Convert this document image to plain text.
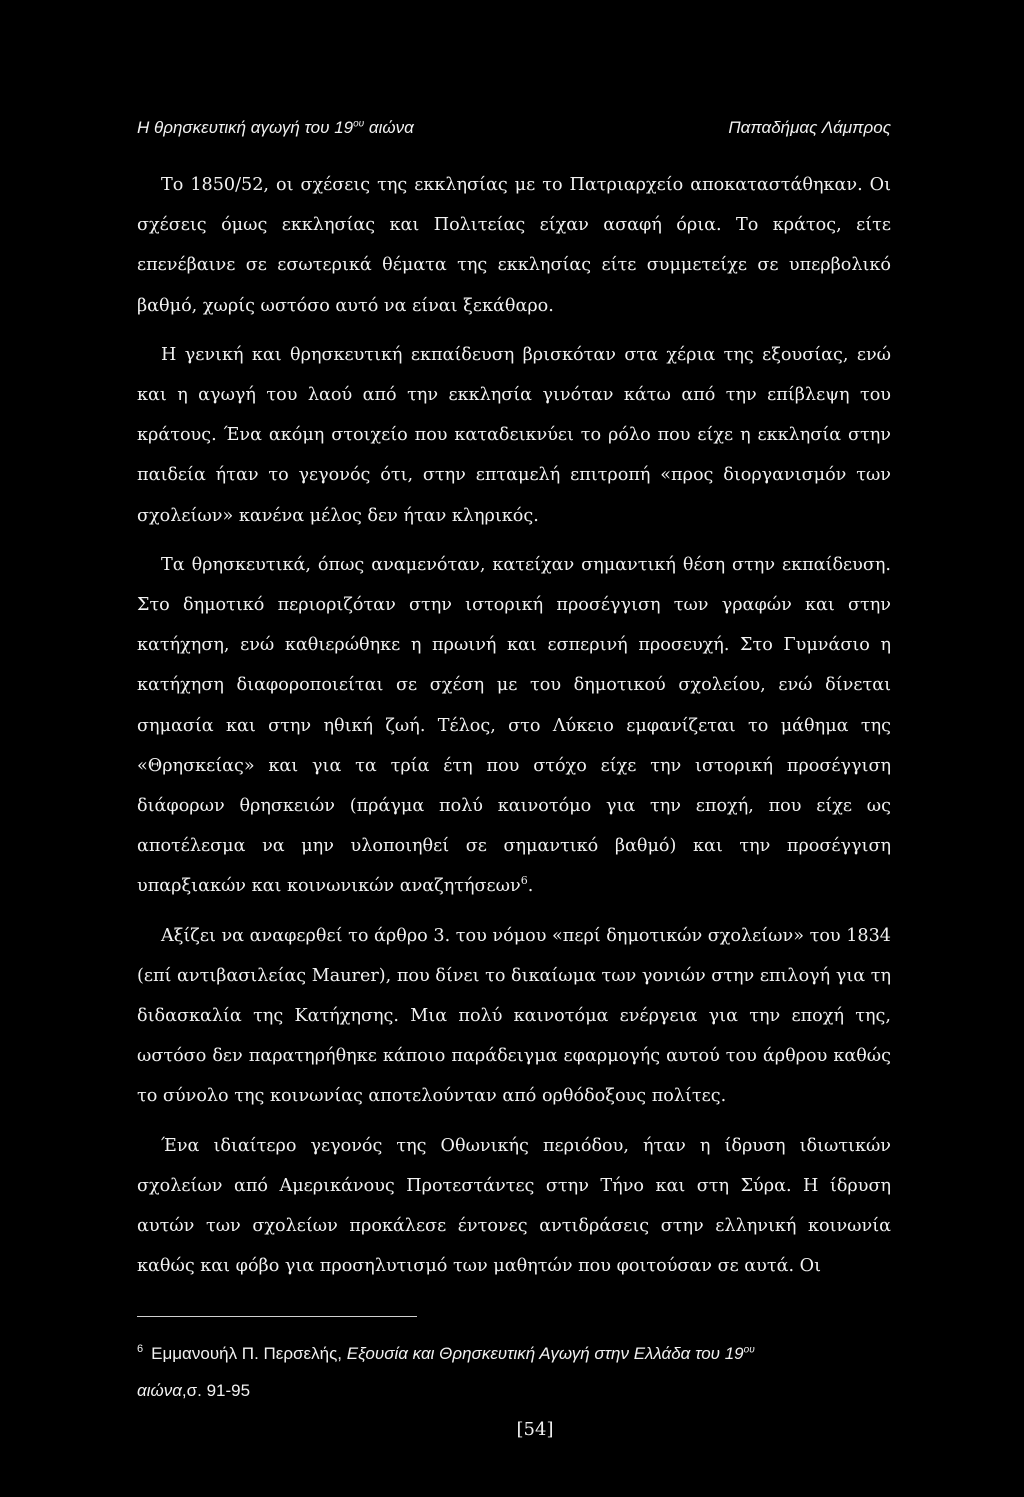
Η θρησκευτική αγωγή του $19^{o\upsilon}$ αιώνα	Παπαδήμας Λάμπρος

Το 1850/52, οι σχέσεις της εκκλησίας με το Πατριαρχείο αποκαταστάθηκαν. Οι σχέσεις όμως εκκλησίας και Πολιτείας είχαν ασαφή όρια. Το κράτος, είτε επενέβαινε σε εσωτερικά θέματα της εκκλησίας είτε συμμετείχε σε υπερβολικό βαθμό, χωρίς ωστόσο αυτό να είναι ξεκάθαρο.

Η γενική και θρησκευτική εκπαίδευση βρισκόταν στα χέρια της εξουσίας, ενώ και η αγωγή του λαού από την εκκλησία γινόταν κάτω από την επίβλεψη του κράτους. Ένα ακόμη στοιχείο που καταδεικνύει το ρόλο που είχε η εκκλησία στην παιδεία ήταν το γεγονός ότι, στην επταμελή επιτροπή «προς διοργανισμόν των σχολείων» κανένα μέλος δεν ήταν κληρικός.

Τα θρησκευτικά, όπως αναμενόταν, κατείχαν σημαντική θέση στην εκπαίδευση. Στο δημοτικό περιοριζόταν στην ιστορική προσέγγιση των γραφών και στην κατήχηση, ενώ καθιερώθηκε η πρωινή και εσπερινή προσευχή. Στο Γυμνάσιο η κατήχηση διαφοροποιείται σε σχέση με του δημοτικού σχολείου, ενώ δίνεται σημασία και στην ηθική ζωή. Τέλος, στο Λύκειο εμφανίζεται το μάθημα της «Θρησκείας» και για τα τρία έτη που στόχο είχε την ιστορική προσέγγιση διάφορων θρησκειών (πράγμα πολύ καινοτόμο για την εποχή, που είχε ως αποτέλεσμα να μην υλοποιηθεί σε σημαντικό βαθμό) και την προσέγγιση υπαρξιακών και κοινωνικών αναζητήσεων$^6$.

Αξίζει να αναφερθεί το άρθρο 3. του νόμου «περί δημοτικών σχολείων» του 1834 (επί αντιβασιλείας Maurer), που δίνει το δικαίωμα των γονιών στην επιλογή για τη διδασκαλία της Κατήχησης. Μια πολύ καινοτόμα ενέργεια για την εποχή της, ωστόσο δεν παρατηρήθηκε κάποιο παράδειγμα εφαρμογής αυτού του άρθρου καθώς το σύνολο της κοινωνίας αποτελούνταν από ορθόδοξους πολίτες.

Ένα ιδιαίτερο γεγονός της Οθωνικής περιόδου, ήταν η ίδρυση ιδιωτικών σχολείων από Αμερικάνους Προτεστάντες στην Τήνο και στη Σύρα. Η ίδρυση αυτών των σχολείων προκάλεσε έντονες αντιδράσεις στην ελληνική κοινωνία καθώς και φόβο για προσηλυτισμό των μαθητών που φοιτούσαν σε αυτά. Οι

$^6$ Εμμανουήλ Π. Περσελής, Εξουσία και Θρησκευτική Αγωγή στην Ελλάδα του $19^{o\upsilon}$
αιώνα,σ. 91-95
[54]
